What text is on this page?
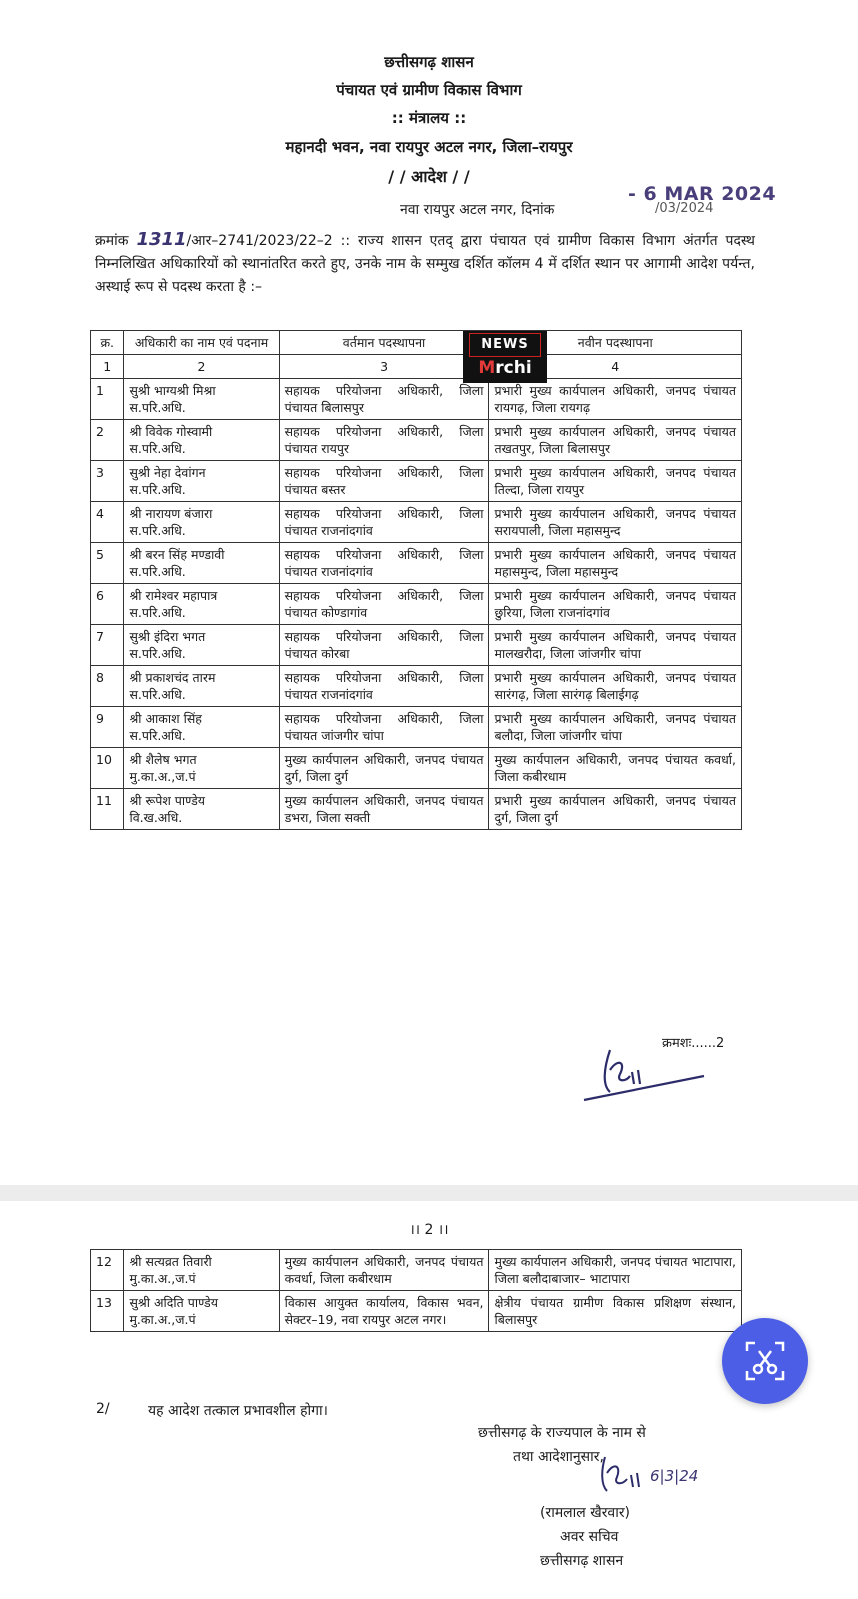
छत्तीसगढ़ शासन
पंचायत एवं ग्रामीण विकास विभाग
:: मंत्रालय ::
महानदी भवन, नवा रायपुर अटल नगर, जिला–रायपुर
/ / आदेश / /
नवा रायपुर अटल नगर, दिनांक
- 6 MAR 2024
/03/2024
क्रमांक 1311/आर–2741/2023/22–2 :: राज्य शासन एतद् द्वारा पंचायत एवं ग्रामीण विकास विभाग अंतर्गत पदस्थ निम्नलिखित अधिकारियों को स्थानांतरित करते हुए, उनके नाम के सम्मुख दर्शित कॉलम 4 में दर्शित स्थान पर आगामी आदेश पर्यन्त, अस्थाई रूप से पदस्थ करता है :–
क्र.	अधिकारी का नाम एवं पदनाम	वर्तमान पदस्थापना	नवीन पदस्थापना
1	2	3	4
1	सुश्री भाग्यश्री मिश्रा
स.परि.अधि.	सहायक परियोजना अधिकारी, जिला पंचायत बिलासपुर	प्रभारी मुख्य कार्यपालन अधिकारी, जनपद पंचायत रायगढ़, जिला रायगढ़
2	श्री विवेक गोस्वामी
स.परि.अधि.	सहायक परियोजना अधिकारी, जिला पंचायत रायपुर	प्रभारी मुख्य कार्यपालन अधिकारी, जनपद पंचायत तखतपुर, जिला बिलासपुर
3	सुश्री नेहा देवांगन
स.परि.अधि.	सहायक परियोजना अधिकारी, जिला पंचायत बस्तर	प्रभारी मुख्य कार्यपालन अधिकारी, जनपद पंचायत तिल्दा, जिला रायपुर
4	श्री नारायण बंजारा
स.परि.अधि.	सहायक परियोजना अधिकारी, जिला पंचायत राजनांदगांव	प्रभारी मुख्य कार्यपालन अधिकारी, जनपद पंचायत सरायपाली, जिला महासमुन्द
5	श्री बरन सिंह मण्डावी
स.परि.अधि.	सहायक परियोजना अधिकारी, जिला पंचायत राजनांदगांव	प्रभारी मुख्य कार्यपालन अधिकारी, जनपद पंचायत महासमुन्द, जिला महासमुन्द
6	श्री रामेश्वर महापात्र
स.परि.अधि.	सहायक परियोजना अधिकारी, जिला पंचायत कोण्डागांव	प्रभारी मुख्य कार्यपालन अधिकारी, जनपद पंचायत छुरिया, जिला राजनांदगांव
7	सुश्री इंदिरा भगत
स.परि.अधि.	सहायक परियोजना अधिकारी, जिला पंचायत कोरबा	प्रभारी मुख्य कार्यपालन अधिकारी, जनपद पंचायत मालखरौदा, जिला जांजगीर चांपा
8	श्री प्रकाशचंद तारम
स.परि.अधि.	सहायक परियोजना अधिकारी, जिला पंचायत राजनांदगांव	प्रभारी मुख्य कार्यपालन अधिकारी, जनपद पंचायत सारंगढ़, जिला सारंगढ़ बिलाईगढ़
9	श्री आकाश सिंह
स.परि.अधि.	सहायक परियोजना अधिकारी, जिला पंचायत जांजगीर चांपा	प्रभारी मुख्य कार्यपालन अधिकारी, जनपद पंचायत बलौदा, जिला जांजगीर चांपा
10	श्री शैलेष भगत
मु.का.अ.,ज.पं	मुख्य कार्यपालन अधिकारी, जनपद पंचायत दुर्ग, जिला दुर्ग	मुख्य कार्यपालन अधिकारी, जनपद पंचायत कवर्धा, जिला कबीरधाम
11	श्री रूपेश पाण्डेय
वि.ख.अधि.	मुख्य कार्यपालन अधिकारी, जनपद पंचायत डभरा, जिला सक्ती	प्रभारी मुख्य कार्यपालन अधिकारी, जनपद पंचायत दुर्ग, जिला दुर्ग
NEWS
Mrchi
क्रमशः......2
।। 2 ।।
12	श्री सत्यव्रत तिवारी
मु.का.अ.,ज.पं	मुख्य कार्यपालन अधिकारी, जनपद पंचायत कवर्धा, जिला कबीरधाम	मुख्य कार्यपालन अधिकारी, जनपद पंचायत भाटापारा, जिला बलौदाबाजार– भाटापारा
13	सुश्री अदिति पाण्डेय
मु.का.अ.,ज.पं	विकास आयुक्त कार्यालय, विकास भवन, सेक्टर–19, नवा रायपुर अटल नगर।	क्षेत्रीय पंचायत ग्रामीण विकास प्रशिक्षण संस्थान, बिलासपुर
2/	यह आदेश तत्काल प्रभावशील होगा।
छत्तीसगढ़ के राज्यपाल के नाम से
तथा आदेशानुसार,
6|3|24
(रामलाल खैरवार)
अवर सचिव
छत्तीसगढ़ शासन
